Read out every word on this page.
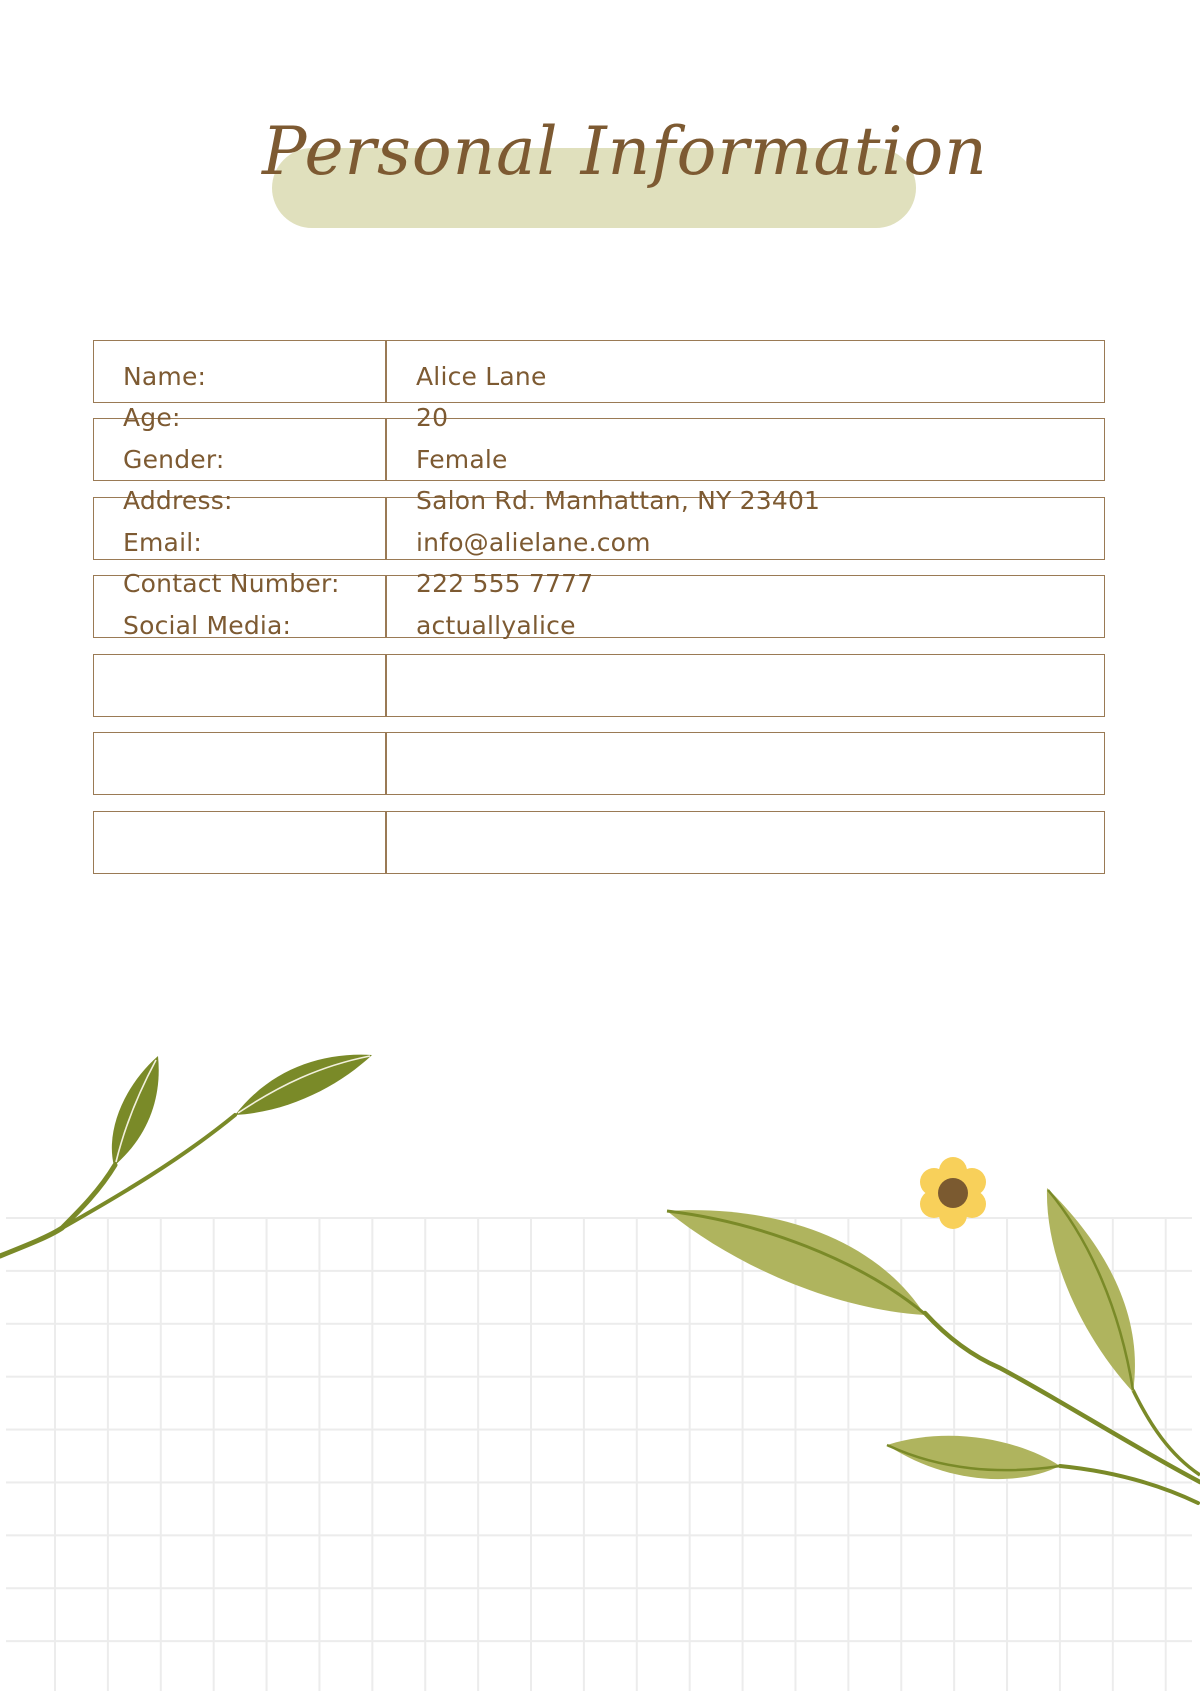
Personal Information
Name:	Alice Lane
Age:	20
Gender:	Female
Address:	Salon Rd. Manhattan, NY 23401
Email:	info@alielane.com
Contact Number:	222 555 7777
Social Media:	actuallyalice
